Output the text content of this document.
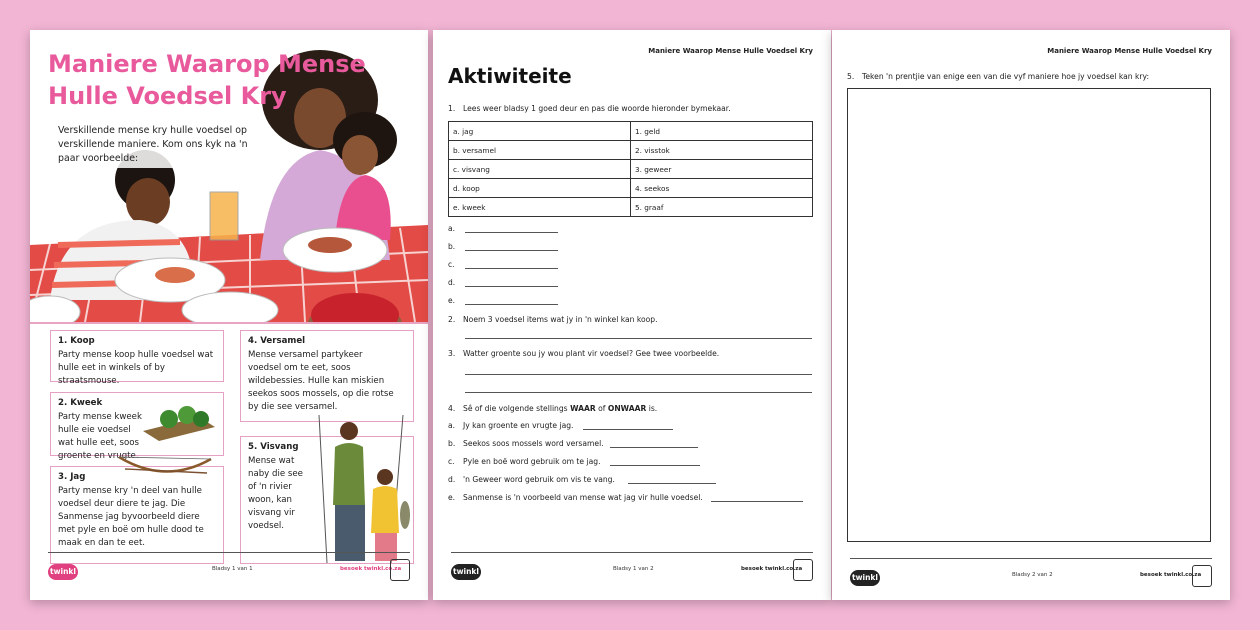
Maniere Waarop Mense Hulle Voedsel Kry
Verskillende mense kry hulle voedsel op verskillende maniere. Kom ons kyk na 'n paar voorbeelde:
1. Koop
Party mense koop hulle voedsel wat hulle eet in winkels of by straatsmouse.
2. Kweek
Party mense kweek hulle eie voedsel wat hulle eet, soos groente en vrugte.
3. Jag
Party mense kry 'n deel van hulle voedsel deur diere te jag. Die Sanmense jag byvoorbeeld diere met pyle en boë om hulle dood te maak en dan te eet.
4. Versamel
Mense versamel partykeer voedsel om te eet, soos wildebessies. Hulle kan miskien seekos soos mossels, op die rotse by die see versamel.
5. Visvang
Mense wat naby die see of 'n rivier woon, kan visvang vir voedsel.
twinkl	Bladsy 1 van 1	besoek twinkl.co.za
Maniere Waarop Mense Hulle Voedsel Kry
Aktiwiteite
1. Lees weer bladsy 1 goed deur en pas die woorde hieronder bymekaar.
a. jag	1. geld
b. versamel	2. visstok
c. visvang	3. geweer
d. koop	4. seekos
e. kweek	5. graaf
a.
b.
c.
d.
e.
2. Noem 3 voedsel items wat jy in 'n winkel kan koop.
3. Watter groente sou jy wou plant vir voedsel? Gee twee voorbeelde.
4. Sê of die volgende stellings WAAR of ONWAAR is.
a. Jy kan groente en vrugte jag.
b. Seekos soos mossels word versamel.
c. Pyle en boë word gebruik om te jag.
d. 'n Geweer word gebruik om vis te vang.
e. Sanmense is 'n voorbeeld van mense wat jag vir hulle voedsel.
twinkl	Bladsy 1 van 2	besoek twinkl.co.za
Maniere Waarop Mense Hulle Voedsel Kry
5. Teken 'n prentjie van enige een van die vyf maniere hoe jy voedsel kan kry:
twinkl	Bladsy 2 van 2	besoek twinkl.co.za
